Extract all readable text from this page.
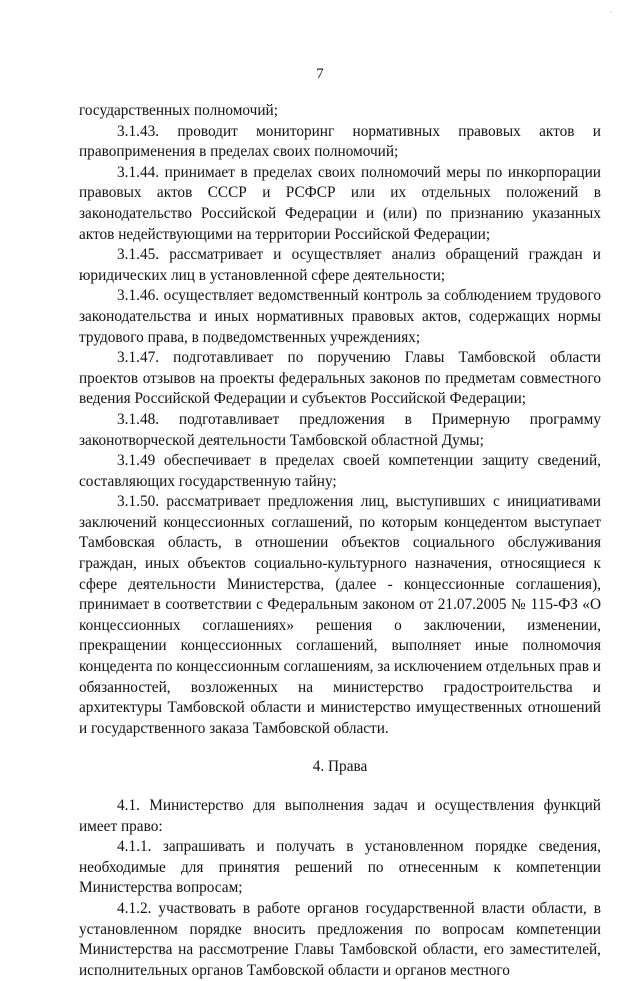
·
7

государственных полномочий;

3.1.43. проводит мониторинг нормативных правовых актов и правоприменения в пределах своих полномочий;

3.1.44. принимает в пределах своих полномочий меры по инкорпорации правовых актов СССР и РСФСР или их отдельных положений в законодательство Российской Федерации и (или) по признанию указанных актов недействующими на территории Российской Федерации;

3.1.45. рассматривает и осуществляет анализ обращений граждан и юридических лиц в установленной сфере деятельности;

3.1.46. осуществляет ведомственный контроль за соблюдением трудового законодательства и иных нормативных правовых актов, содержащих нормы трудового права, в подведомственных учреждениях;

3.1.47. подготавливает по поручению Главы Тамбовской области проектов отзывов на проекты федеральных законов по предметам совместного ведения Российской Федерации и субъектов Российской Федерации;

3.1.48. подготавливает предложения в Примерную программу законотворческой деятельности Тамбовской областной Думы;

3.1.49 обеспечивает в пределах своей компетенции защиту сведений, составляющих государственную тайну;

3.1.50. рассматривает предложения лиц, выступивших с инициативами заключений концессионных соглашений, по которым концедентом выступает Тамбовская область, в отношении объектов социального обслуживания граждан, иных объектов социально-культурного назначения, относящиеся к сфере деятельности Министерства, (далее - концессионные соглашения), принимает в соответствии с Федеральным законом от 21.07.2005 № 115-ФЗ «О концессионных соглашениях» решения о заключении, изменении, прекращении концессионных соглашений, выполняет иные полномочия концедента по концессионным соглашениям, за исключением отдельных прав и обязанностей, возложенных на министерство градостроительства и архитектуры Тамбовской области и министерство имущественных отношений и государственного заказа Тамбовской области.

4. Права

4.1. Министерство для выполнения задач и осуществления функций имеет право:

4.1.1. запрашивать и получать в установленном порядке сведения, необходимые для принятия решений по отнесенным к компетенции Министерства вопросам;

4.1.2. участвовать в работе органов государственной власти области, в установленном порядке вносить предложения по вопросам компетенции Министерства на рассмотрение Главы Тамбовской области, его заместителей, исполнительных органов Тамбовской области и органов местного
